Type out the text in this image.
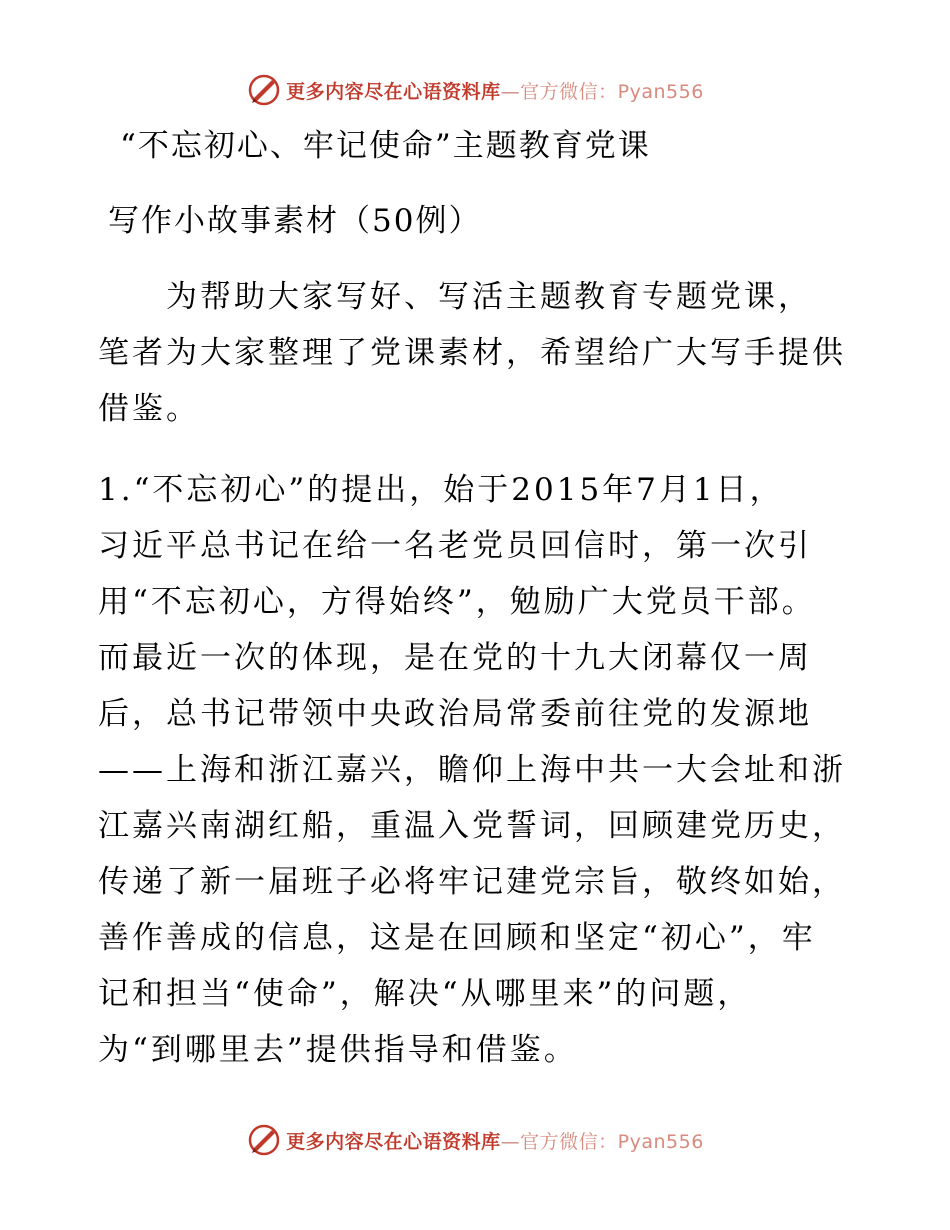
更多内容尽在心语资料库—官方微信：Pyan556
“不忘初心、牢记使命”主题教育党课
写作小故事素材（50例）
　　为帮助大家写好、写活主题教育专题党课，
笔者为大家整理了党课素材，希望给广大写手提供
借鉴。
1.“不忘初心”的提出，始于2015年7月1日，
习近平总书记在给一名老党员回信时，第一次引
用“不忘初心，方得始终”，勉励广大党员干部。
而最近一次的体现，是在党的十九大闭幕仅一周
后，总书记带领中央政治局常委前往党的发源地
——上海和浙江嘉兴，瞻仰上海中共一大会址和浙
江嘉兴南湖红船，重温入党誓词，回顾建党历史，
传递了新一届班子必将牢记建党宗旨，敬终如始，
善作善成的信息，这是在回顾和坚定“初心”，牢
记和担当“使命”，解决“从哪里来”的问题，
为“到哪里去”提供指导和借鉴。
更多内容尽在心语资料库—官方微信：Pyan556
